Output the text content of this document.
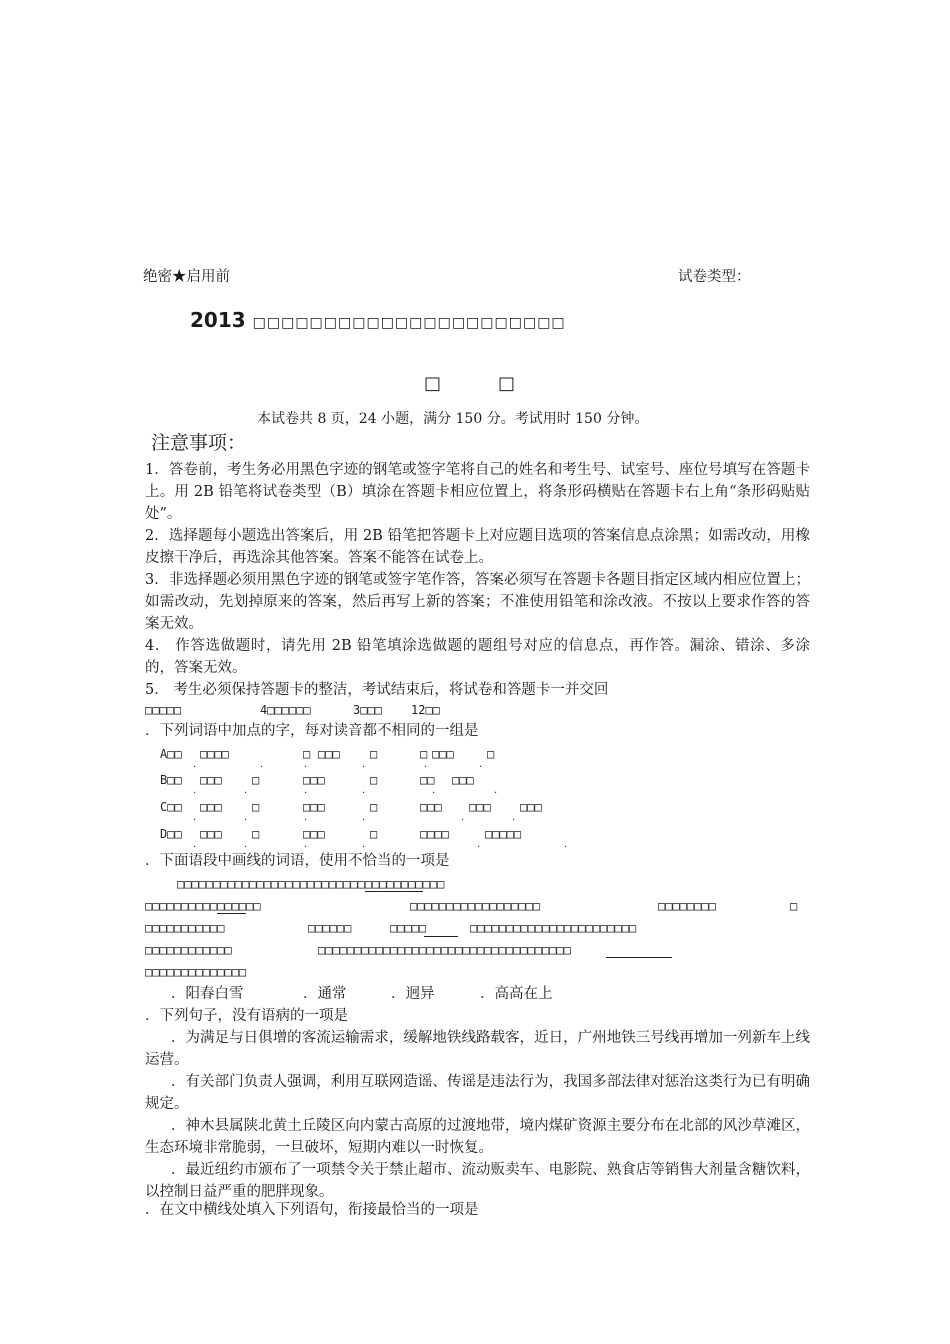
绝密★启用前	试卷类型：
2013 □□□□□□□□□□□□□□□□□□□□□□
□	□
本试卷共 8 页，24 小题，满分 150 分。考试用时 150 分钟。
注意事项：
1．答卷前，考生务必用黑色字迹的钢笔或签字笔将自己的姓名和考生号、试室号、座位号填写在答题卡上。用 2B 铅笔将试卷类型（B）填涂在答题卡相应位置上，将条形码横贴在答题卡右上角“条形码贴贴处”。
2．选择题每小题选出答案后，用 2B 铅笔把答题卡上对应题目选项的答案信息点涂黑；如需改动，用橡皮擦干净后，再选涂其他答案。答案不能答在试卷上。
3．非选择题必须用黑色字迹的钢笔或签字笔作答，答案必须写在答题卡各题目指定区域内相应位置上；如需改动，先划掉原来的答案，然后再写上新的答案；不准使用铅笔和涂改液。不按以上要求作答的答案无效。
4． 作答选做题时，请先用 2B 铅笔填涂选做题的题组号对应的信息点，再作答。漏涂、错涂、多涂的，答案无效。
5． 考生必须保持答题卡的整洁，考试结束后，将试卷和答题卡一并交回
□□□□□	4□□□□□□	3□□□ 12□□
．下列词语中加点的字，每对读音都不相同的一组是
A□□ □□□□	□ □□□	□	□ □□□	□
B□□ □□□	□	□□□	□	□□ □□□
C□□ □□□	□	□□□	□	□□□ □□□ □□□
D□□ □□□	□	□□□	□	□□□□	□□□□□
.	.	.	.	.	.
.	.	.	.	.	.
.	.	.	.	.	.
.	.	.	.	.	.
．下面语段中画线的词语，使用不恰当的一项是
□□□□□□□□□□□□□□□□□□□□□□□□□□□□□□□□□□□□□
□□□□□□□□□□□□□□□□	□□□□□□□□□□□□□□□□□□	□□□□□□□□	□
□□□□□□□□□□□	□□□□□□	□□□□□	□□□□□□□□□□□□□□□□□□□□□□□
□□□□□□□□□□□□	□□□□□□□□□□□□□□□□□□□□□□□□□□□□□□□□□□□
□□□□□□□□□□□□□□
．阳春白雪	．通常	．迥异	．高高在上
．下列句子，没有语病的一项是
．为满足与日俱增的客流运输需求，缓解地铁线路载客，近日，广州地铁三号线再增加一列新车上线运营。
．有关部门负责人强调，利用互联网造谣、传谣是违法行为，我国多部法律对惩治这类行为已有明确规定。
．神木县属陕北黄土丘陵区向内蒙古高原的过渡地带，境内煤矿资源主要分布在北部的风沙草滩区，生态环境非常脆弱，一旦破坏，短期内难以一时恢复。
．最近纽约市颁布了一项禁令关于禁止超市、流动贩卖车、电影院、熟食店等销售大剂量含糖饮料，以控制日益严重的肥胖现象。
．在文中横线处填入下列语句，衔接最恰当的一项是
